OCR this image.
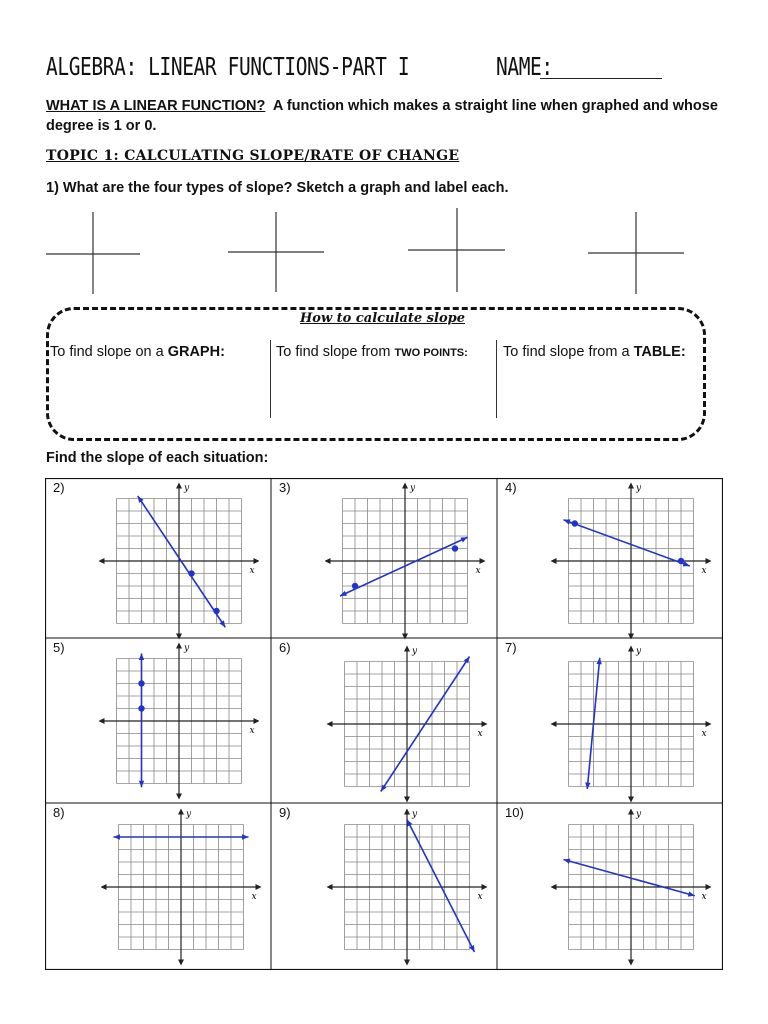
ALGEBRA: LINEAR FUNCTIONS-PART I	NAME:
WHAT IS A LINEAR FUNCTION? A function which makes a straight line when graphed and whose degree is 1 or 0.
TOPIC 1: CALCULATING SLOPE/RATE OF CHANGE
1) What are the four types of slope? Sketch a graph and label each.
How to calculate slope
To find slope on a GRAPH:	To find slope from TWO POINTS: To find slope from a TABLE:
Find the slope of each situation:
x
y
x
y
x
y
x
y
x
y
x
y
x
y
x
y
x
y
2)	3)	4)
5)	6)	7)
8)	9)	10)
